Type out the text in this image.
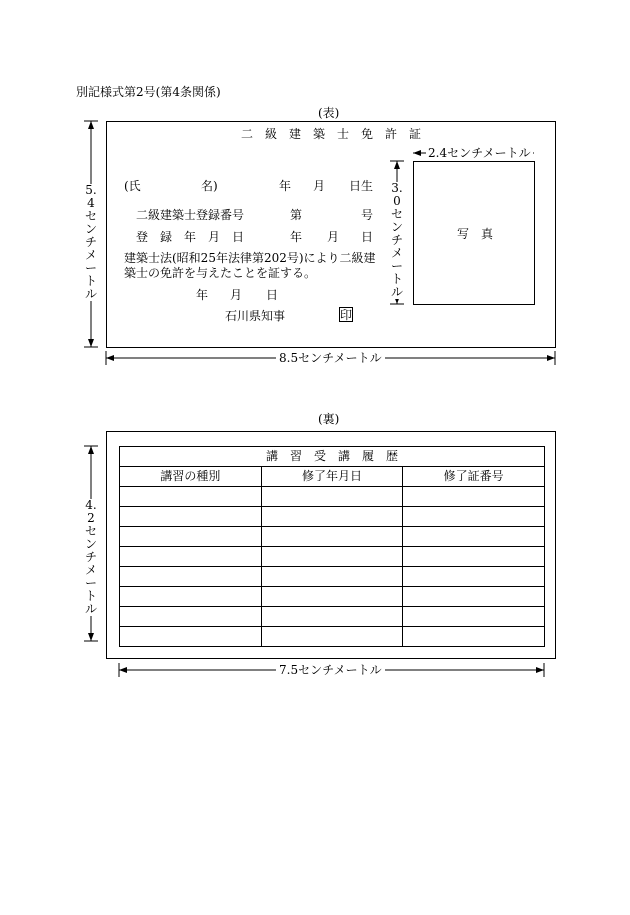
別記様式第2号(第4条関係)
(表)
二　級　建　築　士　免　許　証
(氏	名)	年 月 日生
二級建築士登録番号	第	号
登　録　年　月　日	年 月 日
建築士法(昭和25年法律第202号)により二級建
築士の免許を与えたことを証する。
年 月 日
石川県知事	印
写　真
2.4センチメートル
3.0センチメートル
5.4センチメートル
8.5センチメートル
(裏)
講　習　受　講　履　歴		
講習の種別	修了年月日	修了証番号

4.2センチメートル
7.5センチメートル
